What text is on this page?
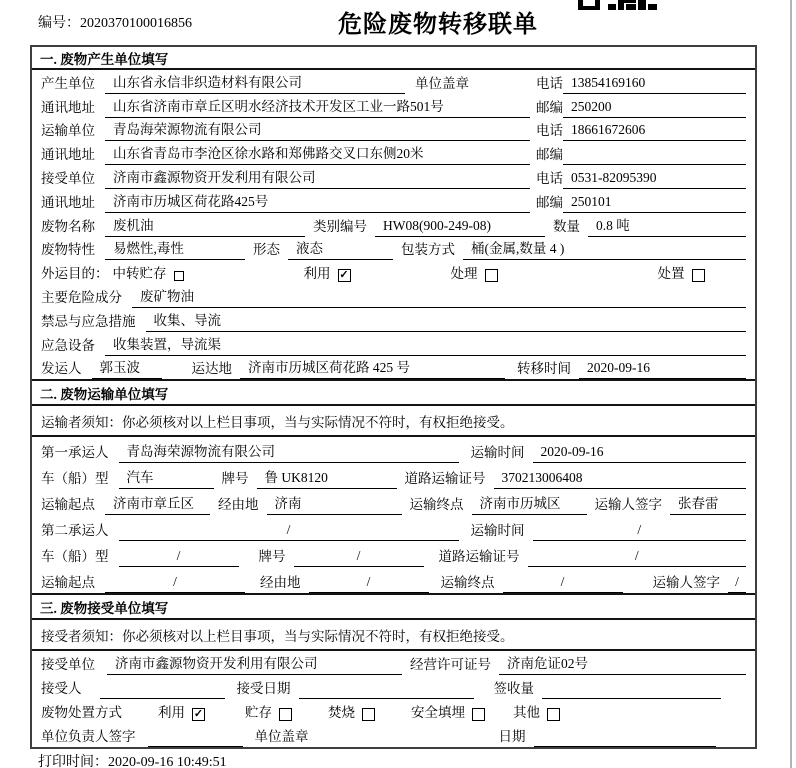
编号：2020370100016856	危险废物转移联单
一. 废物产生单位填写
产生单位	山东省永信非织造材料有限公司	单位盖章	电话 13854169160
通讯地址	山东省济南市章丘区明水经济技术开发区工业一路501号	邮编 250200
运输单位	青岛海荣源物流有限公司	电话 18661672606
通讯地址	山东省青岛市李沧区徐水路和郑佛路交叉口东侧20米	邮编
接受单位	济南市鑫源物资开发利用有限公司	电话 0531-82095390
通讯地址	济南市历城区荷花路425号	邮编 250101
废物名称	废机油	类别编号	HW08(900-249-08)	数量	0.8 吨
废物特性	易燃性,毒性	形态	液态	包装方式	桶(金属,数量 4 )
外运目的： 中转贮存	利用 ✓	处理	处置
主要危险成分	废矿物油
禁忌与应急措施	收集、导流
应急设备	收集装置，导流渠
发运人	郭玉波	运达地	济南市历城区荷花路 425 号	转移时间	2020-09-16
二. 废物运输单位填写
运输者须知：你必须核对以上栏目事项，当与实际情况不符时，有权拒绝接受。
第一承运人	青岛海荣源物流有限公司	运输时间	2020-09-16
车（船）型	汽车	牌号	鲁 UK8120	道路运输证号	370213006408
运输起点	济南市章丘区	经由地	济南	运输终点	济南市历城区	运输人签字	张春雷
第二承运人	/	运输时间	/
车（船）型	/	牌号	/	道路运输证号	/
运输起点	/	经由地	/	运输终点	/	运输人签字	/
三. 废物接受单位填写
接受者须知：你必须核对以上栏目事项，当与实际情况不符时，有权拒绝接受。
接受单位	济南市鑫源物资开发利用有限公司	经营许可证号	济南危证02号
接受人	接受日期	签收量
废物处置方式	利用 ✓	贮存	焚烧	安全填埋	其他
单位负责人签字	单位盖章	日期
打印时间：2020-09-16 10:49:51
